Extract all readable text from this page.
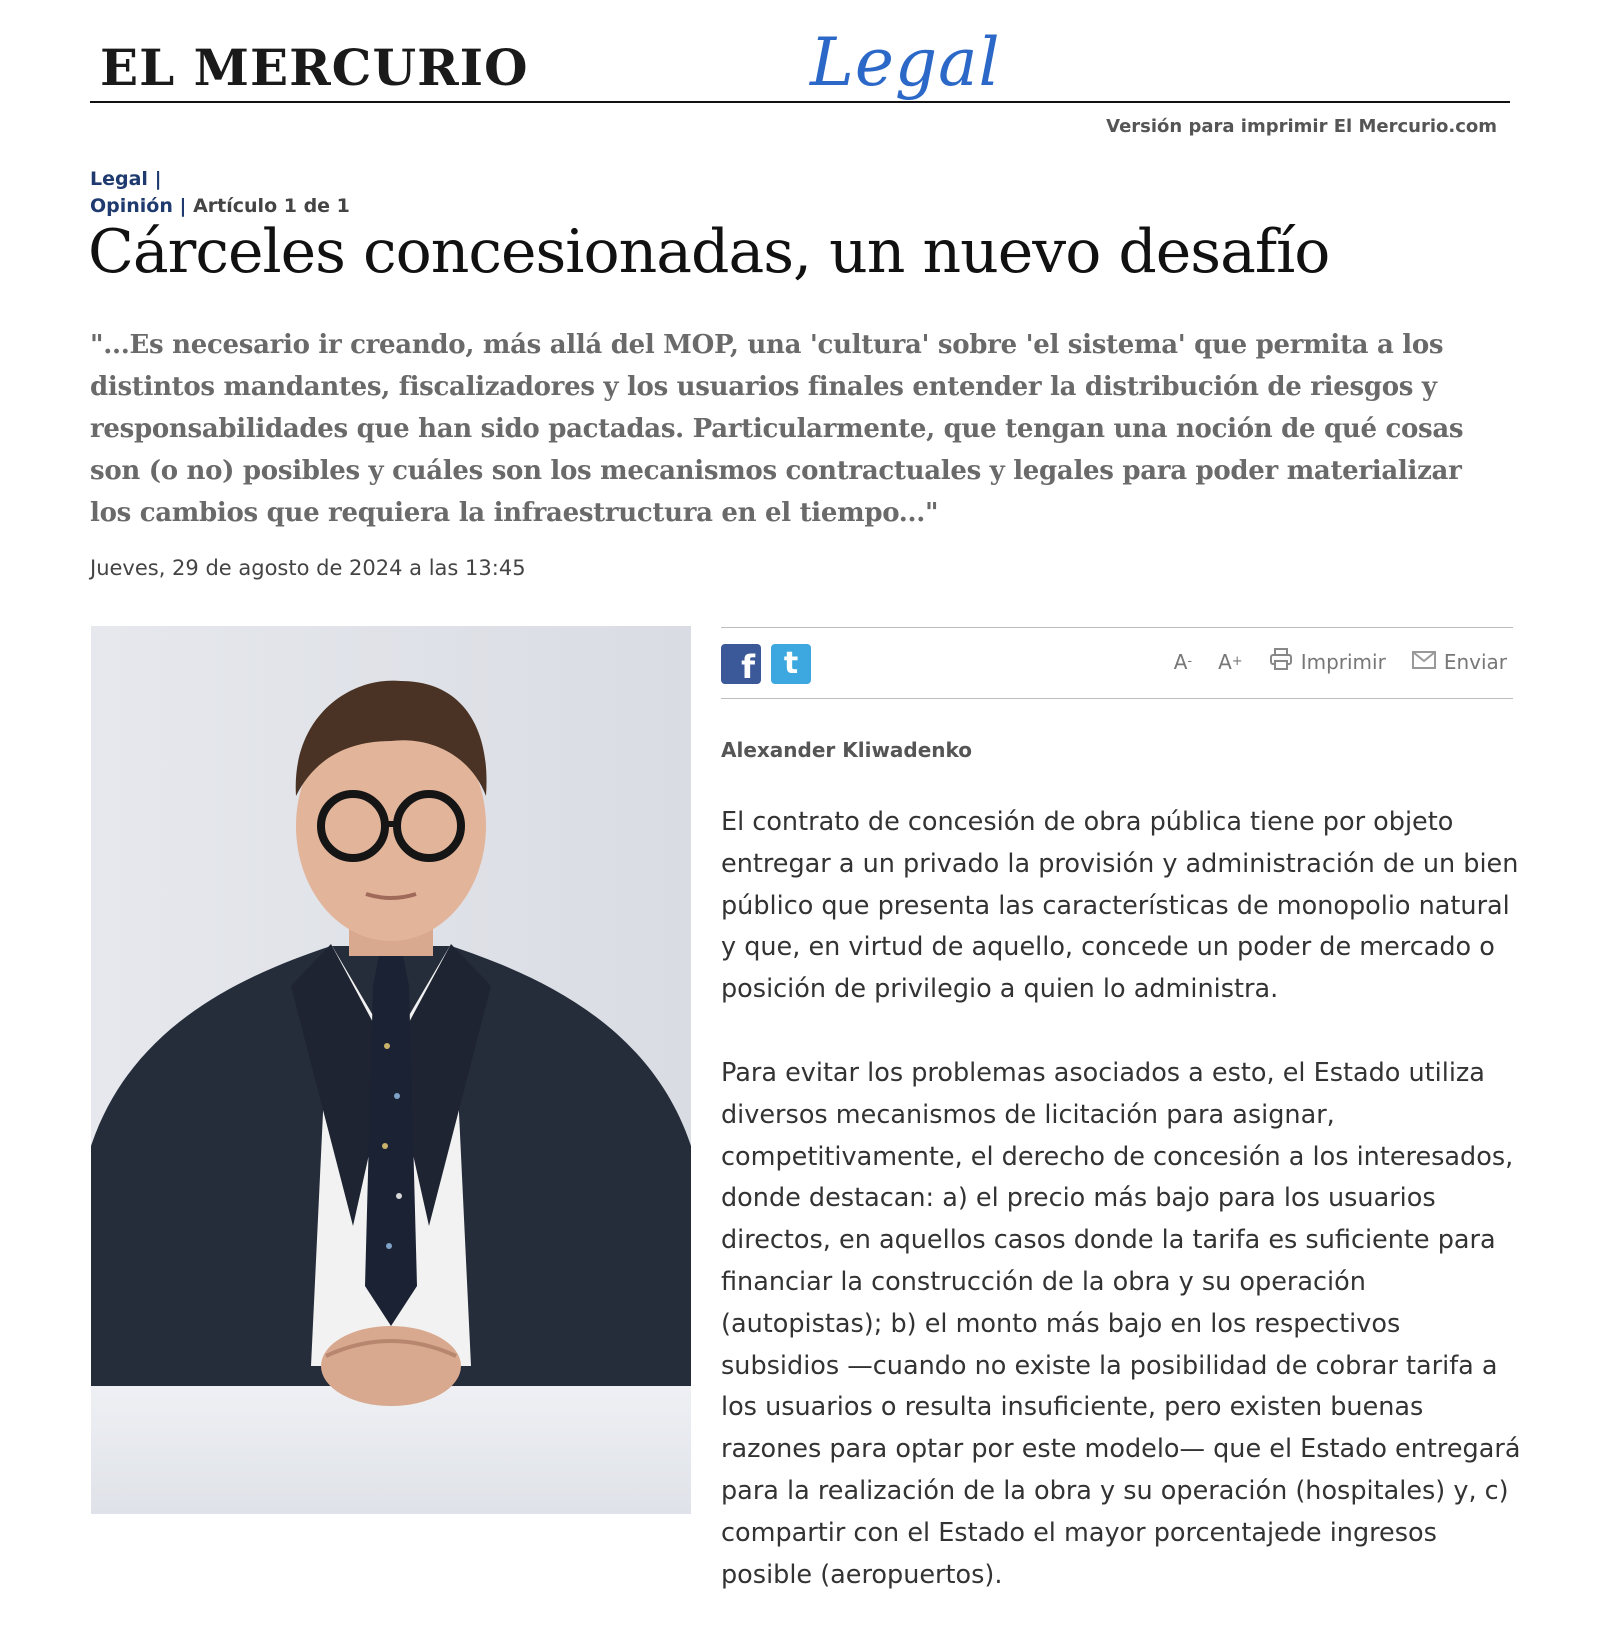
EL MERCURIO	Legal
Versión para imprimir El Mercurio.com
Legal |
Opinión | Artículo 1 de 1
Cárceles concesionadas, un nuevo desafío

"...Es necesario ir creando, más allá del MOP, una 'cultura' sobre 'el sistema' que permita a los distintos mandantes, fiscalizadores y los usuarios finales entender la distribución de riesgos y responsabilidades que han sido pactadas. Particularmente, que tengan una noción de qué cosas son (o no) posibles y cuáles son los mecanismos contractuales y legales para poder materializar los cambios que requiera la infraestructura en el tiempo..."

Jueves, 29 de agosto de 2024 a las 13:45
f t	A - A +	Imprimir	Enviar
Alexander Kliwadenko

El contrato de concesión de obra pública tiene por objeto entregar a un privado la provisión y administración de un bien público que presenta las características de monopolio natural y que, en virtud de aquello, concede un poder de mercado o posición de privilegio a quien lo administra.

Para evitar los problemas asociados a esto, el Estado utiliza diversos mecanismos de licitación para asignar, competitivamente, el derecho de concesión a los interesados, donde destacan: a) el precio más bajo para los usuarios directos, en aquellos casos donde la tarifa es suficiente para financiar la construcción de la obra y su operación (autopistas); b) el monto más bajo en los respectivos subsidios —cuando no existe la posibilidad de cobrar tarifa a los usuarios o resulta insuficiente, pero existen buenas razones para optar por este modelo— que el Estado entregará para la realización de la obra y su operación (hospitales) y, c) compartir con el Estado el mayor porcentajede ingresos posible (aeropuertos).
